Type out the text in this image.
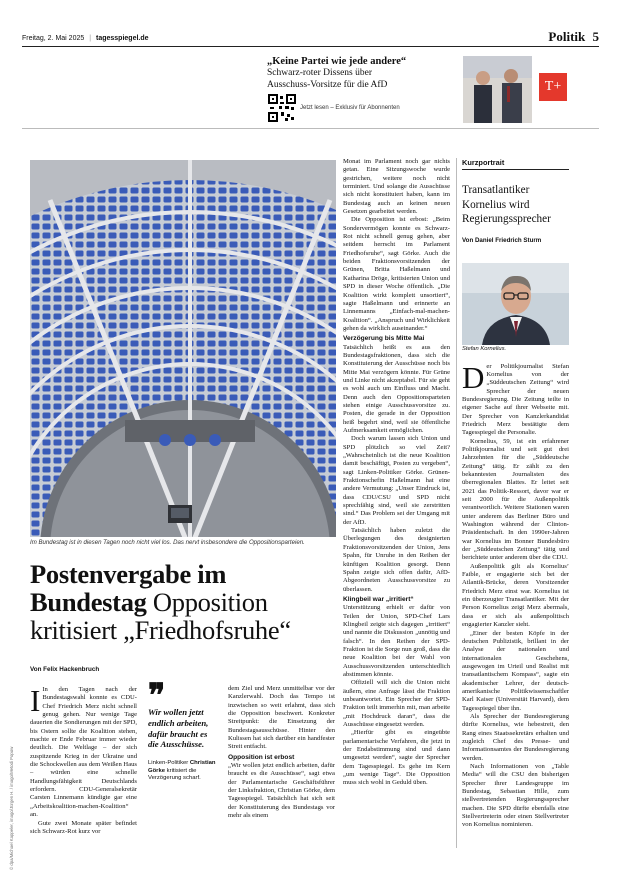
Freitag, 2. Mai 2025 | tagesspiegel.de	Politik 5
„Keine Partei wie jede andere“
Schwarz-roter Dissens über
Ausschuss-Vorsitze für die AfD
Jetzt lesen – Exklusiv für Abonnenten
T+
Im Bundestag ist in diesen Tagen noch nicht viel los. Das nervt insbesondere die Oppositionsparteien.
© dpa/Michael Kappeler, imago/Jürgen H. / imago/Metodi Popow
Postenvergabe im
Bundestag Opposition
kritisiert „Friedhofsruhe“
Von Felix Hackenbruch

I In den Tagen nach der Bundestagswahl konnte es CDU-Chef Friedrich Merz nicht schnell genug gehen. Nur wenige Tage dauerten die Sondierungen mit der SPD, bis Ostern sollte die Koalition stehen, machte er Ende Februar immer wieder deutlich. Die Weltlage – der sich zuspitzende Krieg in der Ukraine und die Schockwellen aus dem Weißen Haus – würden eine schnelle Handlungsfähigkeit Deutschlands erfordern. CDU-Generalsekretär Carsten Linnemann kündigte gar eine „Arbeitskoalition-machen-Koalition“ an.

Gute zwei Monate später befindet sich Schwarz-Rot kurz vor

❞
Wir wollen jetzt endlich arbeiten, dafür braucht es die Ausschüsse.
Linken-Politiker Christian Görke kritisiert die Verzögerung scharf.

dem Ziel und Merz unmittelbar vor der Kanzlerwahl. Doch das Tempo ist inzwischen so weit erlahmt, dass sich die Opposition beschwert. Konkreter Streitpunkt: die Einsetzung der Bundestagsausschüsse. Hinter den Kulissen hat sich darüber ein handfester Streit entfacht.

Opposition ist erbost

„Wir wollen jetzt endlich arbeiten, dafür braucht es die Ausschüsse“, sagt etwa der Parlamentarische Geschäftsführer der Linksfraktion, Christian Görke, dem Tagesspiegel. Tatsächlich hat sich seit der Konstituierung des Bundestags vor mehr als einem

Monat im Parlament noch gar nichts getan. Eine Sitzungswoche wurde gestrichen, weitere noch nicht terminiert. Und solange die Ausschüsse sich nicht konstituiert haben, kann im Bundestag auch an keinen neuen Gesetzen gearbeitet werden.

Die Opposition ist erbost: „Beim Sondervermögen konnte es Schwarz-Rot nicht schnell genug gehen, aber seitdem herrscht im Parlament Friedhofsruhe“, sagt Görke. Auch die beiden Fraktionsvorsitzenden der Grünen, Britta Haßelmann und Katharina Dröge, kritisierten Union und SPD in dieser Woche öffentlich. „Die Koalition wirkt komplett unsortiert“, sagte Haßelmann und erinnerte an Linnemanns „Einfach-mal-machen-Koalition“. „Anspruch und Wirklichkeit gehen da wirklich auseinander.“

Verzögerung bis Mitte Mai

Tatsächlich heißt es aus den Bundestagsfraktionen, dass sich die Konstituierung der Ausschüsse noch bis Mitte Mai verzögern könnte. Für Grüne und Linke nicht akzeptabel. Für sie geht es wohl auch um Einfluss und Macht. Denn auch den Oppositionsparteien stehen einige Ausschussvorsitze zu. Posten, die gerade in der Opposition heiß begehrt sind, weil sie öffentliche Aufmerksamkeit ermöglichen.

Doch warum lassen sich Union und SPD plötzlich so viel Zeit? „Wahrscheinlich ist die neue Koalition damit beschäftigt, Posten zu vergeben“, sagt Linken-Politiker Görke. Grünen-Fraktionschefin Haßelmann hat eine andere Vermutung: „Unser Eindruck ist, dass CDU/CSU und SPD nicht sprechfähig sind, weil sie zerstritten sind.“ Das Problem sei der Umgang mit der AfD.

Tatsächlich haben zuletzt die Überlegungen des designierten Fraktionsvorsitzenden der Union, Jens Spahn, für Unruhe in den Reihen der künftigen Koalition gesorgt. Denn Spahn zeigte sich offen dafür, AfD-Abgeordneten Ausschussvorsitze zu überlassen.

Klingbeil war „irritiert“

Unterstützung erhielt er dafür von Teilen der Union, SPD-Chef Lars Klingbeil zeigte sich dagegen „irritiert“ und nannte die Diskussion „unnötig und falsch“. In den Reihen der SPD-Fraktion ist die Sorge nun groß, dass die neue Koalition bei der Wahl von Ausschussvorsitzenden unterschiedlich abstimmen könnte.

Offiziell will sich die Union nicht äußern, eine Anfrage lässt die Fraktion unbeantwortet. Ein Sprecher der SPD-Fraktion teilt immerhin mit, man arbeite „mit Hochdruck daran“, dass die Ausschüsse eingesetzt werden.

„Hierfür gibt es eingeübte parlamentarische Verfahren, die jetzt in der Endabstimmung sind und dann umgesetzt werden“, sagte der Sprecher dem Tagesspiegel. Es gehe im Kern „um wenige Tage“. Die Opposition muss sich wohl in Geduld üben.

Kurzportrait
Transatlantiker Kornelius wird Regierungssprecher
Von Daniel Friedrich Sturm
Stefan Kornelius.

Der Politikjournalist Stefan Kornelius von der „Süddeutschen Zeitung“ wird Sprecher der neuen Bundesregierung. Die Zeitung teilte in eigener Sache auf ihrer Webseite mit. Der Sprecher von Kanzlerkandidat Friedrich Merz bestätigte dem Tagesspiegel die Personalie.

Kornelius, 59, ist ein erfahrener Politikjournalist und seit gut drei Jahrzehnten für die „Süddeutsche Zeitung“ tätig. Er zählt zu den bekanntesten Journalisten des überregionalen Blattes. Er leitet seit 2021 das Politik-Ressort, davor war er seit 2000 für die Außenpolitik verantwortlich. Weitere Stationen waren unter anderem das Berliner Büro und Washington während der Clinton-Präsidentschaft. In den 1990er-Jahren war Kornelius im Bonner Bundesbüro der „Süddeutschen Zeitung“ tätig und berichtete unter anderem über die CDU.

Außenpolitik gilt als Kornelius’ Faible, er engagierte sich bei der Atlantik-Brücke, deren Vorsitzender Friedrich Merz einst war. Kornelius ist ein überzeugter Transatlantiker. Mit der Person Kornelius zeigt Merz abermals, dass er sich als außenpolitisch engagierter Kanzler sieht.

„Einer der besten Köpfe in der deutschen Publizistik, brillant in der Analyse der nationalen und internationalen Geschehens, ausgewogen im Urteil und Realist mit transatlantischem Kompass“, sagte ein akademischer Lehrer, der deutsch-amerikanische Politikwissenschaftler Karl Kaiser (Universität Harvard), dem Tagesspiegel über ihn.

Als Sprecher der Bundesregierung dürfte Kornelius, wie hebestreit, den Rang eines Staatssekretärs erhalten und zugleich Chef des Presse- und Informationsamtes der Bundesregierung werden.

Nach Informationen von „Table Media“ will die CSU den bisherigen Sprecher ihrer Landesgruppe im Bundestag, Sebastian Hille, zum stellvertretenden Regierungssprecher machen. Die SPD dürfte ebenfalls eine Stellvertreterin oder einen Stellvertreter von Kornelius nominieren.
